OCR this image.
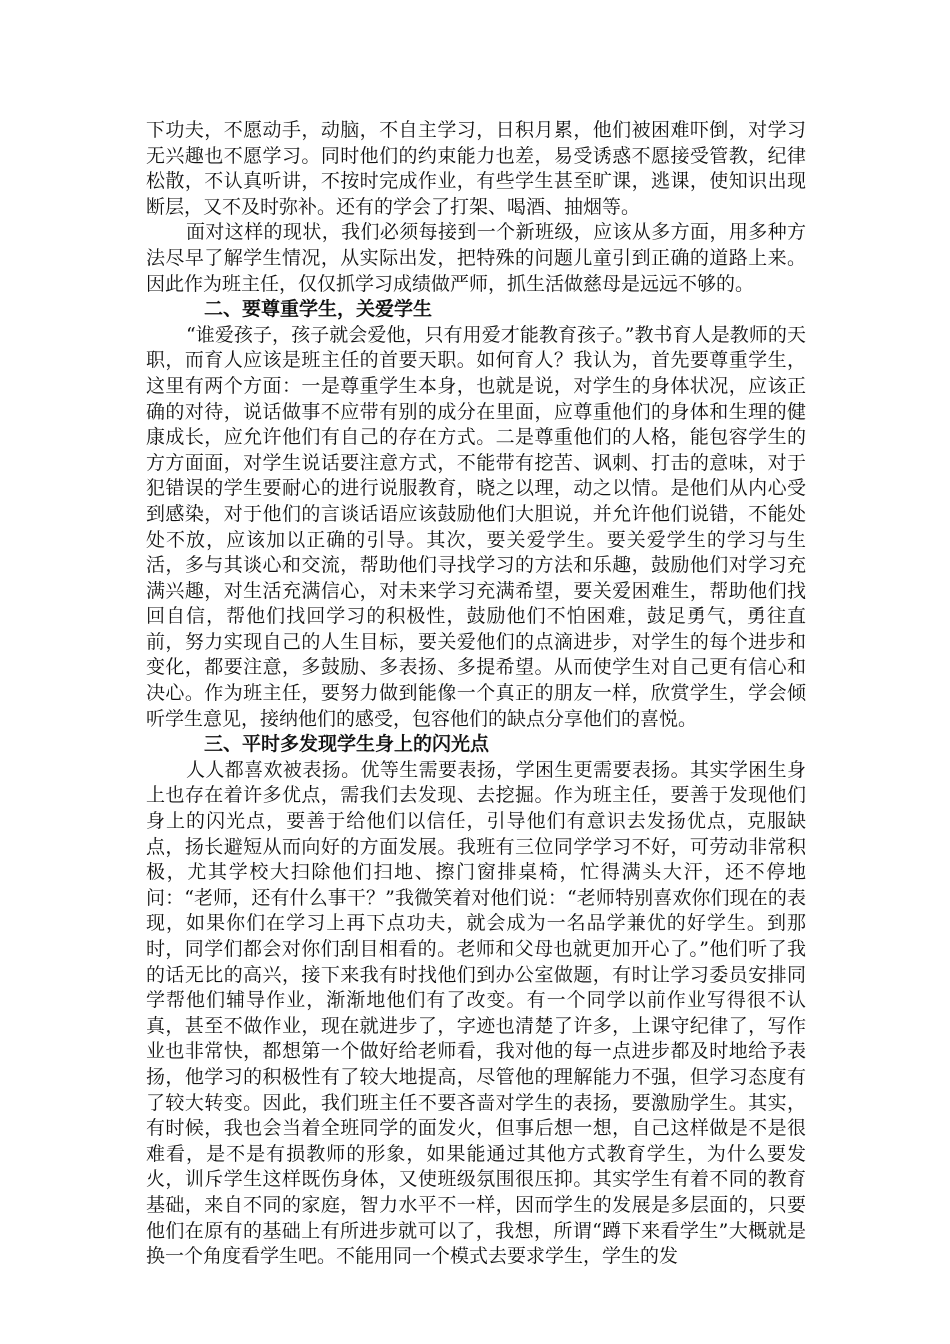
下功夫，不愿动手，动脑，不自主学习，日积月累，他们被困难吓倒，对学习无兴趣也不愿学习。同时他们的约束能力也差，易受诱惑不愿接受管教，纪律松散，不认真听讲，不按时完成作业，有些学生甚至旷课，逃课，使知识出现断层，又不及时弥补。还有的学会了打架、喝酒、抽烟等。

面对这样的现状，我们必须每接到一个新班级，应该从多方面，用多种方法尽早了解学生情况，从实际出发，把特殊的问题儿童引到正确的道路上来。因此作为班主任，仅仅抓学习成绩做严师，抓生活做慈母是远远不够的。

二、要尊重学生，关爱学生

“谁爱孩子，孩子就会爱他，只有用爱才能教育孩子。”教书育人是教师的天职，而育人应该是班主任的首要天职。如何育人？我认为，首先要尊重学生，这里有两个方面：一是尊重学生本身，也就是说，对学生的身体状况，应该正确的对待，说话做事不应带有别的成分在里面，应尊重他们的身体和生理的健康成长，应允许他们有自己的存在方式。二是尊重他们的人格，能包容学生的方方面面，对学生说话要注意方式，不能带有挖苦、讽刺、打击的意味，对于犯错误的学生要耐心的进行说服教育，晓之以理，动之以情。是他们从内心受到感染，对于他们的言谈话语应该鼓励他们大胆说，并允许他们说错，不能处处不放，应该加以正确的引导。其次，要关爱学生。要关爱学生的学习与生活，多与其谈心和交流，帮助他们寻找学习的方法和乐趣，鼓励他们对学习充满兴趣，对生活充满信心，对未来学习充满希望，要关爱困难生，帮助他们找回自信，帮他们找回学习的积极性，鼓励他们不怕困难，鼓足勇气，勇往直前，努力实现自己的人生目标，要关爱他们的点滴进步，对学生的每个进步和变化，都要注意，多鼓励、多表扬、多提希望。从而使学生对自己更有信心和决心。作为班主任，要努力做到能像一个真正的朋友一样，欣赏学生，学会倾听学生意见，接纳他们的感受，包容他们的缺点分享他们的喜悦。

三、平时多发现学生身上的闪光点

人人都喜欢被表扬。优等生需要表扬，学困生更需要表扬。其实学困生身上也存在着许多优点，需我们去发现、去挖掘。作为班主任，要善于发现他们身上的闪光点，要善于给他们以信任，引导他们有意识去发扬优点，克服缺点，扬长避短从而向好的方面发展。我班有三位同学学习不好，可劳动非常积极，尤其学校大扫除他们扫地、擦门窗排桌椅，忙得满头大汗，还不停地问：“老师，还有什么事干？”我微笑着对他们说：“老师特别喜欢你们现在的表现，如果你们在学习上再下点功夫，就会成为一名品学兼优的好学生。到那时，同学们都会对你们刮目相看的。老师和父母也就更加开心了。”他们听了我的话无比的高兴，接下来我有时找他们到办公室做题，有时让学习委员安排同学帮他们辅导作业，渐渐地他们有了改变。有一个同学以前作业写得很不认真，甚至不做作业，现在就进步了，字迹也清楚了许多，上课守纪律了，写作业也非常快，都想第一个做好给老师看，我对他的每一点进步都及时地给予表扬，他学习的积极性有了较大地提高，尽管他的理解能力不强，但学习态度有了较大转变。因此，我们班主任不要吝啬对学生的表扬，要激励学生。其实，有时候，我也会当着全班同学的面发火，但事后想一想，自己这样做是不是很难看，是不是有损教师的形象，如果能通过其他方式教育学生，为什么要发火，训斥学生这样既伤身体，又使班级氛围很压抑。其实学生有着不同的教育基础，来自不同的家庭，智力水平不一样，因而学生的发展是多层面的，只要他们在原有的基础上有所进步就可以了，我想，所谓“蹲下来看学生”大概就是换一个角度看学生吧。不能用同一个模式去要求学生，学生的发
